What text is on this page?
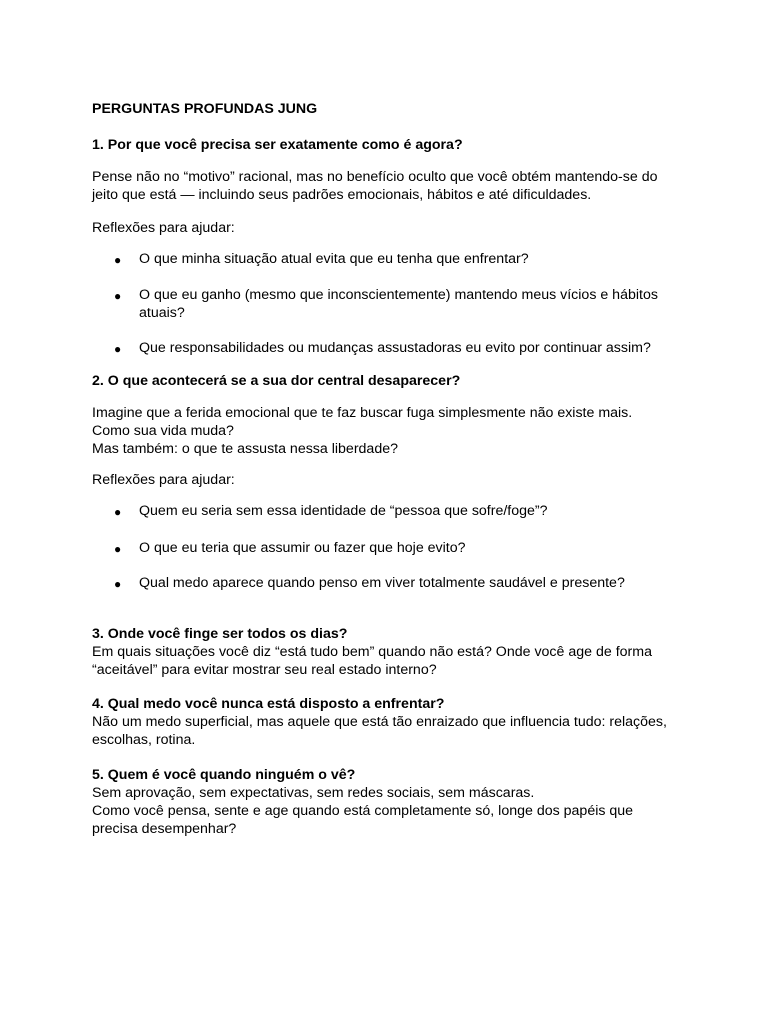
PERGUNTAS PROFUNDAS JUNG

1. Por que você precisa ser exatamente como é agora?

Pense não no “motivo” racional, mas no benefício oculto que você obtém mantendo-se do
jeito que está — incluindo seus padrões emocionais, hábitos e até dificuldades.

Reflexões para ajudar:

● O que minha situação atual evita que eu tenha que enfrentar?
● O que eu ganho (mesmo que inconscientemente) mantendo meus vícios e hábitos
atuais?
● Que responsabilidades ou mudanças assustadoras eu evito por continuar assim?

2. O que acontecerá se a sua dor central desaparecer?

Imagine que a ferida emocional que te faz buscar fuga simplesmente não existe mais.
Como sua vida muda?
Mas também: o que te assusta nessa liberdade?

Reflexões para ajudar:

● Quem eu seria sem essa identidade de “pessoa que sofre/foge”?
● O que eu teria que assumir ou fazer que hoje evito?
● Qual medo aparece quando penso em viver totalmente saudável e presente?
3. Onde você finge ser todos os dias?
Em quais situações você diz “está tudo bem” quando não está? Onde você age de forma
“aceitável” para evitar mostrar seu real estado interno?
4. Qual medo você nunca está disposto a enfrentar?
Não um medo superficial, mas aquele que está tão enraizado que influencia tudo: relações,
escolhas, rotina.
5. Quem é você quando ninguém o vê?
Sem aprovação, sem expectativas, sem redes sociais, sem máscaras.
Como você pensa, sente e age quando está completamente só, longe dos papéis que
precisa desempenhar?
